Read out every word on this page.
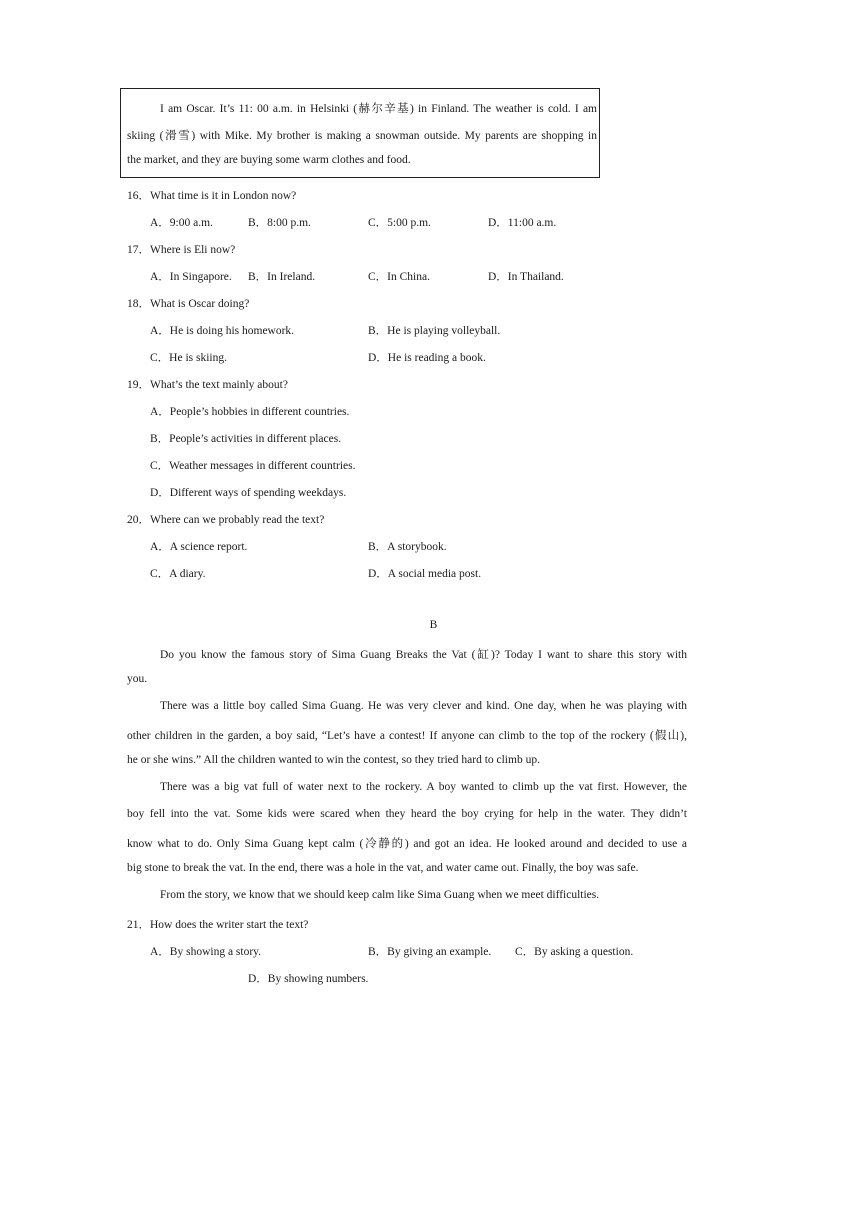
I am Oscar. It’s 11: 00 a.m. in Helsinki (赫尔辛基) in Finland. The weather is cold. I am
skiing (滑雪) with Mike. My brother is making a snowman outside. My parents are shopping in
the market, and they are buying some warm clothes and food.
16．What time is it in London now?
A．9:00 a.m.	B．8:00 p.m.	C．5:00 p.m.	D．11:00 a.m.
17．Where is Eli now?
A．In Singapore. B．In Ireland.	C．In China.	D．In Thailand.
18．What is Oscar doing?
A．He is doing his homework.	B．He is playing volleyball.
C．He is skiing.	D．He is reading a book.
19．What’s the text mainly about?
A．People’s hobbies in different countries.
B．People’s activities in different places.
C．Weather messages in different countries.
D．Different ways of spending weekdays.
20．Where can we probably read the text?
A．A science report.	B．A storybook.
C．A diary.	D．A social media post.
B
Do you know the famous story of Sima Guang Breaks the Vat (缸)? Today I want to share this story with
you.
There was a little boy called Sima Guang. He was very clever and kind. One day, when he was playing with
other children in the garden, a boy said, “Let’s have a contest! If anyone can climb to the top of the rockery (假山),
he or she wins.” All the children wanted to win the contest, so they tried hard to climb up.
There was a big vat full of water next to the rockery. A boy wanted to climb up the vat first. However, the
boy fell into the vat. Some kids were scared when they heard the boy crying for help in the water. They didn’t
know what to do. Only Sima Guang kept calm (冷静的) and got an idea. He looked around and decided to use a
big stone to break the vat. In the end, there was a hole in the vat, and water came out. Finally, the boy was safe.
From the story, we know that we should keep calm like Sima Guang when we meet difficulties.
21．How does the writer start the text?
A．By showing a story.	B．By giving an example. C．By asking a question.
D．By showing numbers.
